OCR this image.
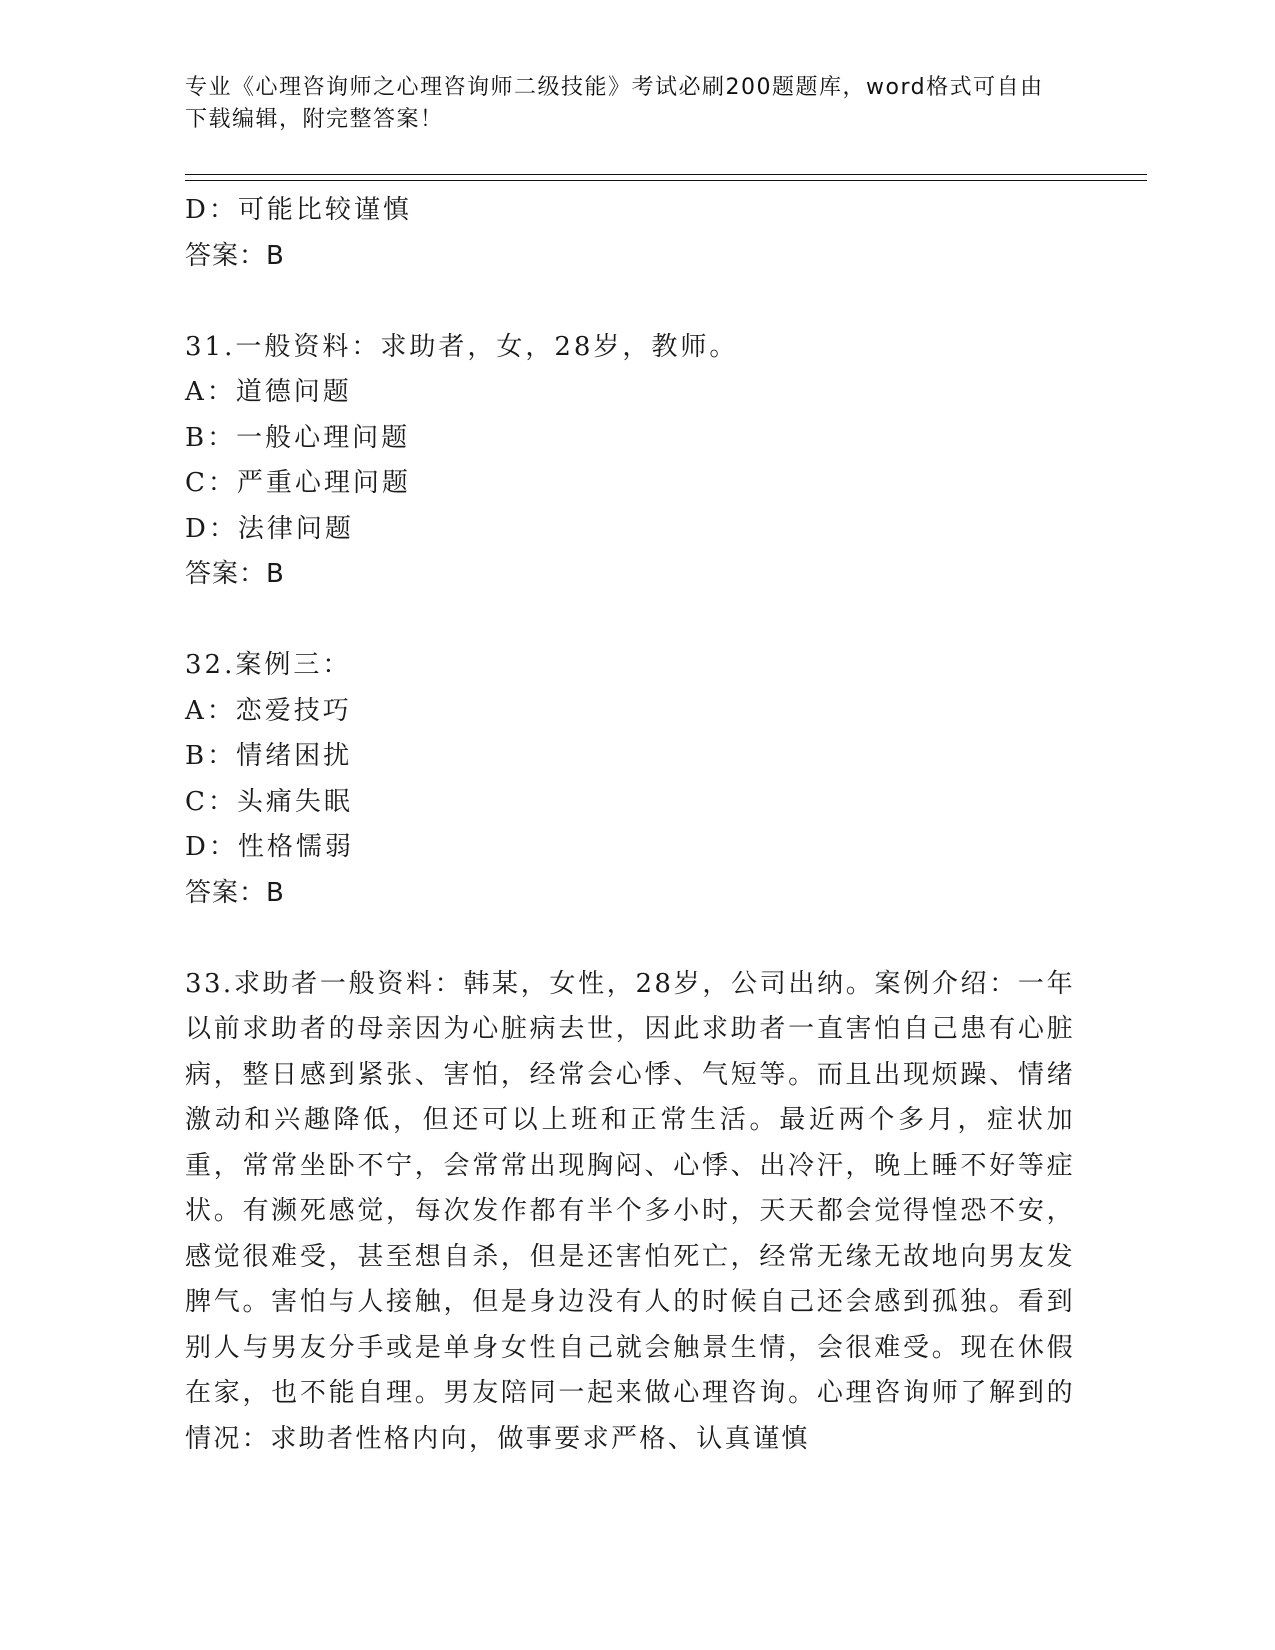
专业《心理咨询师之心理咨询师二级技能》考试必刷200题题库，word格式可自由下载编辑，附完整答案！
D：可能比较谨慎
答案：B
31.一般资料：求助者，女，28岁，教师。
A：道德问题
B：一般心理问题
C：严重心理问题
D：法律问题
答案：B
32.案例三：
A：恋爱技巧
B：情绪困扰
C：头痛失眠
D：性格懦弱
答案：B
33.求助者一般资料：韩某，女性，28岁，公司出纳。案例介绍：一年以前求助者的母亲因为心脏病去世，因此求助者一直害怕自己患有心脏病，整日感到紧张、害怕，经常会心悸、气短等。而且出现烦躁、情绪激动和兴趣降低，但还可以上班和正常生活。最近两个多月，症状加重，常常坐卧不宁，会常常出现胸闷、心悸、出冷汗，晚上睡不好等症状。有濒死感觉，每次发作都有半个多小时，天天都会觉得惶恐不安，感觉很难受，甚至想自杀，但是还害怕死亡，经常无缘无故地向男友发脾气。害怕与人接触，但是身边没有人的时候自己还会感到孤独。看到别人与男友分手或是单身女性自己就会触景生情，会很难受。现在休假在家，也不能自理。男友陪同一起来做心理咨询。心理咨询师了解到的情况：求助者性格内向，做事要求严格、认真谨慎
